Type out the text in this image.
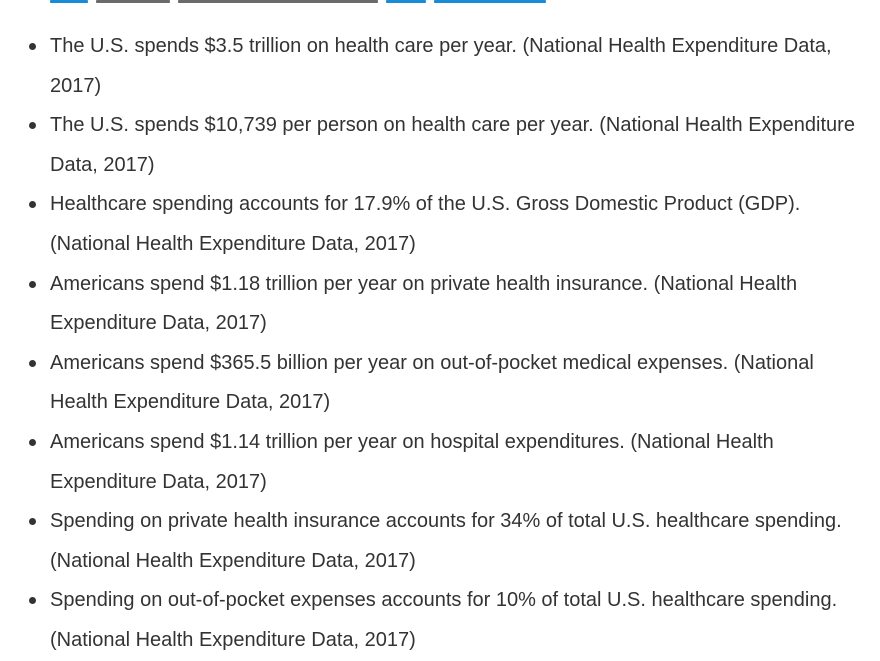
The U.S. spends $3.5 trillion on health care per year. (National Health Expenditure Data, 2017)
The U.S. spends $10,739 per person on health care per year. (National Health Expenditure Data, 2017)
Healthcare spending accounts for 17.9% of the U.S. Gross Domestic Product (GDP). (National Health Expenditure Data, 2017)
Americans spend $1.18 trillion per year on private health insurance. (National Health Expenditure Data, 2017)
Americans spend $365.5 billion per year on out-of-pocket medical expenses. (National Health Expenditure Data, 2017)
Americans spend $1.14 trillion per year on hospital expenditures. (National Health Expenditure Data, 2017)
Spending on private health insurance accounts for 34% of total U.S. healthcare spending. (National Health Expenditure Data, 2017)
Spending on out-of-pocket expenses accounts for 10% of total U.S. healthcare spending. (National Health Expenditure Data, 2017)
